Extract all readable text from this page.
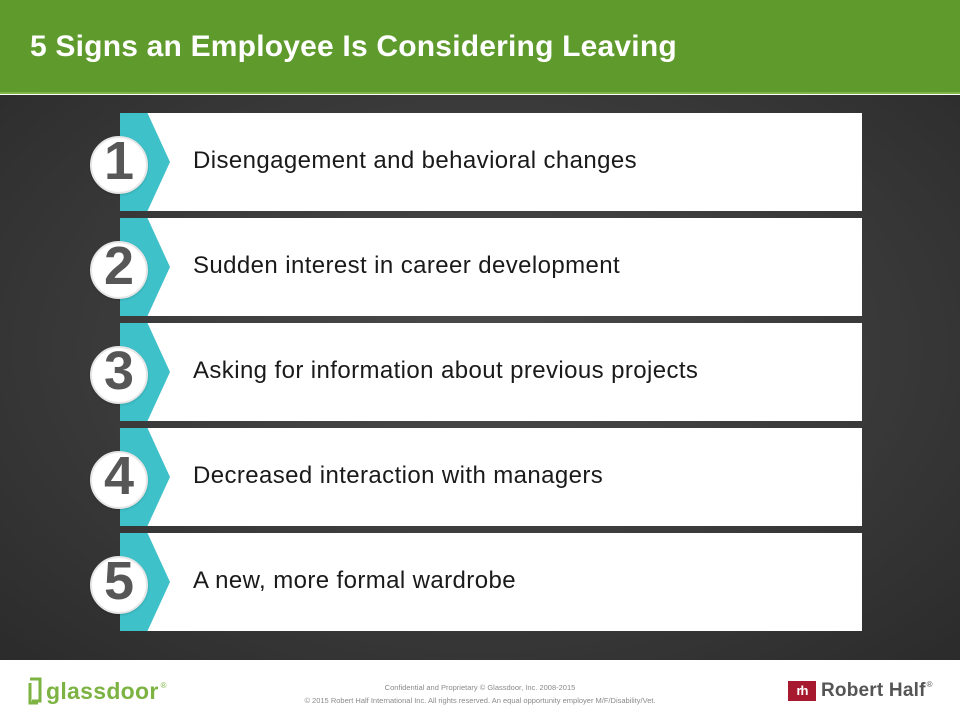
5 Signs an Employee Is Considering Leaving
1	Disengagement and behavioral changes
2	Sudden interest in career development
3	Asking for information about previous projects
4	Decreased interaction with managers
5	A new, more formal wardrobe
glassdoor ®	Confidential and Proprietary © Glassdoor, Inc. 2008-2015
© 2015 Robert Half International Inc. All rights reserved. An equal opportunity employer M/F/Disability/Vet.
rh Robert Half ®
